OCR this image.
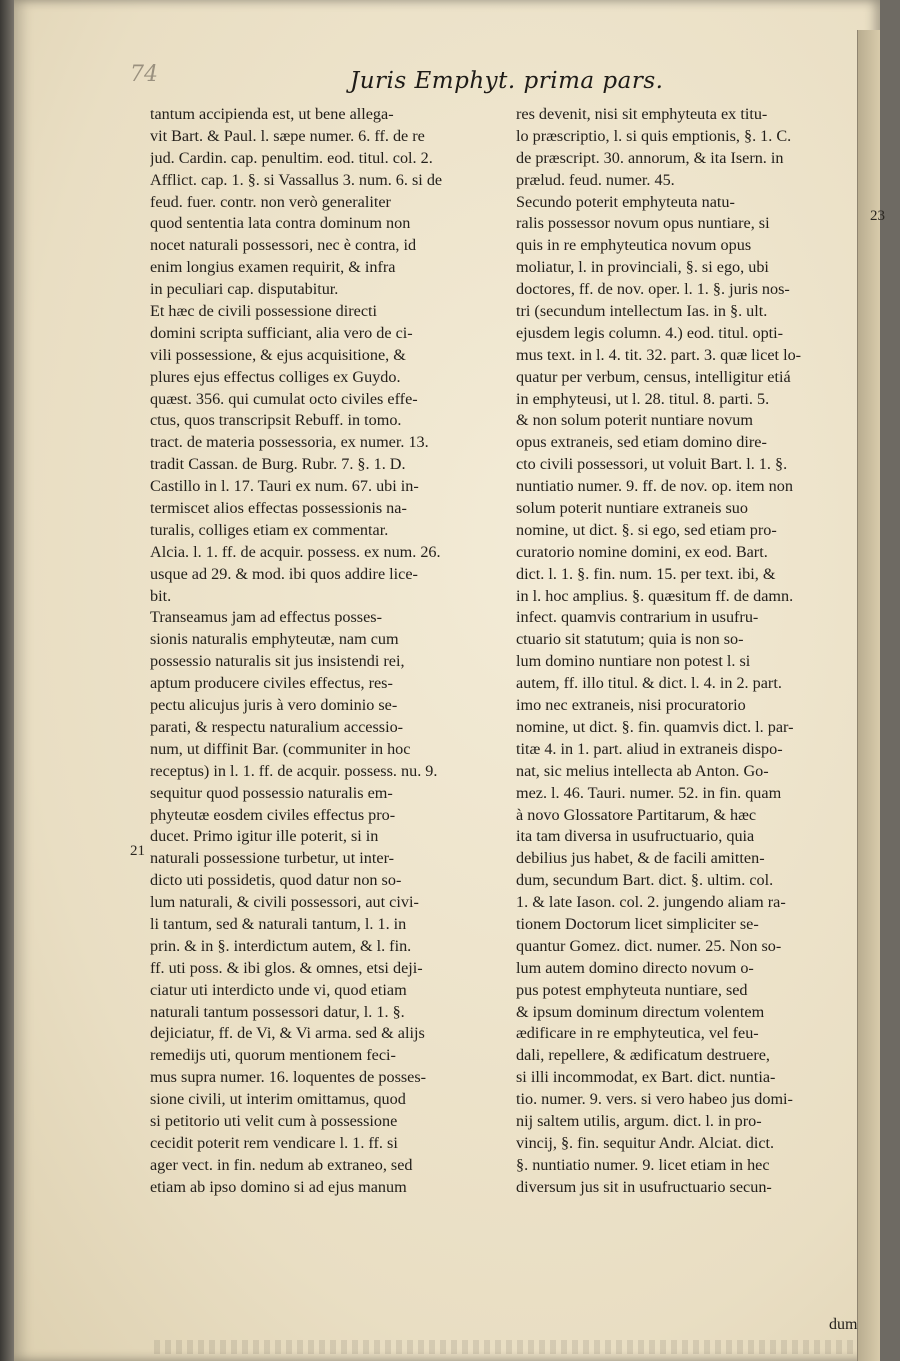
74	Juris Emphyt. prima pars.
21
23
tantum accipienda est, ut bene allega-
vit Bart. & Paul. l. sæpe numer. 6. ff. de re
jud. Cardin. cap. penultim. eod. titul. col. 2.
Afflict. cap. 1. §. si Vassallus 3. num. 6. si de
feud. fuer. contr. non verò generaliter
quod sententia lata contra dominum non
nocet naturali possessori, nec è contra, id
enim longius examen requirit, & infra
in peculiari cap. disputabitur.
Et hæc de civili possessione directi
domini scripta sufficiant, alia vero de ci-
vili possessione, & ejus acquisitione, &
plures ejus effectus colliges ex Guydo.
quæst. 356. qui cumulat octo civiles effe-
ctus, quos transcripsit Rebuff. in tomo.
tract. de materia possessoria, ex numer. 13.
tradit Cassan. de Burg. Rubr. 7. §. 1. D.
Castillo in l. 17. Tauri ex num. 67. ubi in-
termiscet alios effectas possessionis na-
turalis, colliges etiam ex commentar.
Alcia. l. 1. ff. de acquir. possess. ex num. 26.
usque ad 29. & mod. ibi quos addire lice-
bit.
Transeamus jam ad effectus posses-
sionis naturalis emphyteutæ, nam cum
possessio naturalis sit jus insistendi rei,
aptum producere civiles effectus, res-
pectu alicujus juris à vero dominio se-
parati, & respectu naturalium accessio-
num, ut diffinit Bar. (communiter in hoc
receptus) in l. 1. ff. de acquir. possess. nu. 9.
sequitur quod possessio naturalis em-
phyteutæ eosdem civiles effectus pro-
ducet. Primo igitur ille poterit, si in
naturali possessione turbetur, ut inter-
dicto uti possidetis, quod datur non so-
lum naturali, & civili possessori, aut civi-
li tantum, sed & naturali tantum, l. 1. in
prin. & in §. interdictum autem, & l. fin.
ff. uti poss. & ibi glos. & omnes, etsi deji-
ciatur uti interdicto unde vi, quod etiam
naturali tantum possessori datur, l. 1. §.
dejiciatur, ff. de Vi, & Vi arma. sed & alijs
remedijs uti, quorum mentionem feci-
mus supra numer. 16. loquentes de posses-
sione civili, ut interim omittamus, quod
si petitorio uti velit cum à possessione
cecidit poterit rem vendicare l. 1. ff. si
ager vect. in fin. nedum ab extraneo, sed
etiam ab ipso domino si ad ejus manum
res devenit, nisi sit emphyteuta ex titu-
lo præscriptio, l. si quis emptionis, §. 1. C.
de præscript. 30. annorum, & ita Isern. in
prælud. feud. numer. 45.
Secundo poterit emphyteuta natu-
ralis possessor novum opus nuntiare, si
quis in re emphyteutica novum opus
moliatur, l. in provinciali, §. si ego, ubi
doctores, ff. de nov. oper. l. 1. §. juris nos-
tri (secundum intellectum Ias. in §. ult.
ejusdem legis column. 4.) eod. titul. opti-
mus text. in l. 4. tit. 32. part. 3. quæ licet lo-
quatur per verbum, census, intelligitur etiá
in emphyteusi, ut l. 28. titul. 8. parti. 5.
& non solum poterit nuntiare novum
opus extraneis, sed etiam domino dire-
cto civili possessori, ut voluit Bart. l. 1. §.
nuntiatio numer. 9. ff. de nov. op. item non
solum poterit nuntiare extraneis suo
nomine, ut dict. §. si ego, sed etiam pro-
curatorio nomine domini, ex eod. Bart.
dict. l. 1. §. fin. num. 15. per text. ibi, &
in l. hoc amplius. §. quæsitum ff. de damn.
infect. quamvis contrarium in usufru-
ctuario sit statutum; quia is non so-
lum domino nuntiare non potest l. si
autem, ff. illo titul. & dict. l. 4. in 2. part.
imo nec extraneis, nisi procuratorio
nomine, ut dict. §. fin. quamvis dict. l. par-
titæ 4. in 1. part. aliud in extraneis dispo-
nat, sic melius intellecta ab Anton. Go-
mez. l. 46. Tauri. numer. 52. in fin. quam
à novo Glossatore Partitarum, & hæc
ita tam diversa in usufructuario, quia
debilius jus habet, & de facili amitten-
dum, secundum Bart. dict. §. ultim. col.
1. & late Iason. col. 2. jungendo aliam ra-
tionem Doctorum licet simpliciter se-
quantur Gomez. dict. numer. 25. Non so-
lum autem domino directo novum o-
pus potest emphyteuta nuntiare, sed
& ipsum dominum directum volentem
ædificare in re emphyteutica, vel feu-
dali, repellere, & ædificatum destruere,
si illi incommodat, ex Bart. dict. nuntia-
tio. numer. 9. vers. si vero habeo jus domi-
nij saltem utilis, argum. dict. l. in pro-
vincij, §. fin. sequitur Andr. Alciat. dict.
§. nuntiatio numer. 9. licet etiam in hec
diversum jus sit in usufructuario secun-
dum
